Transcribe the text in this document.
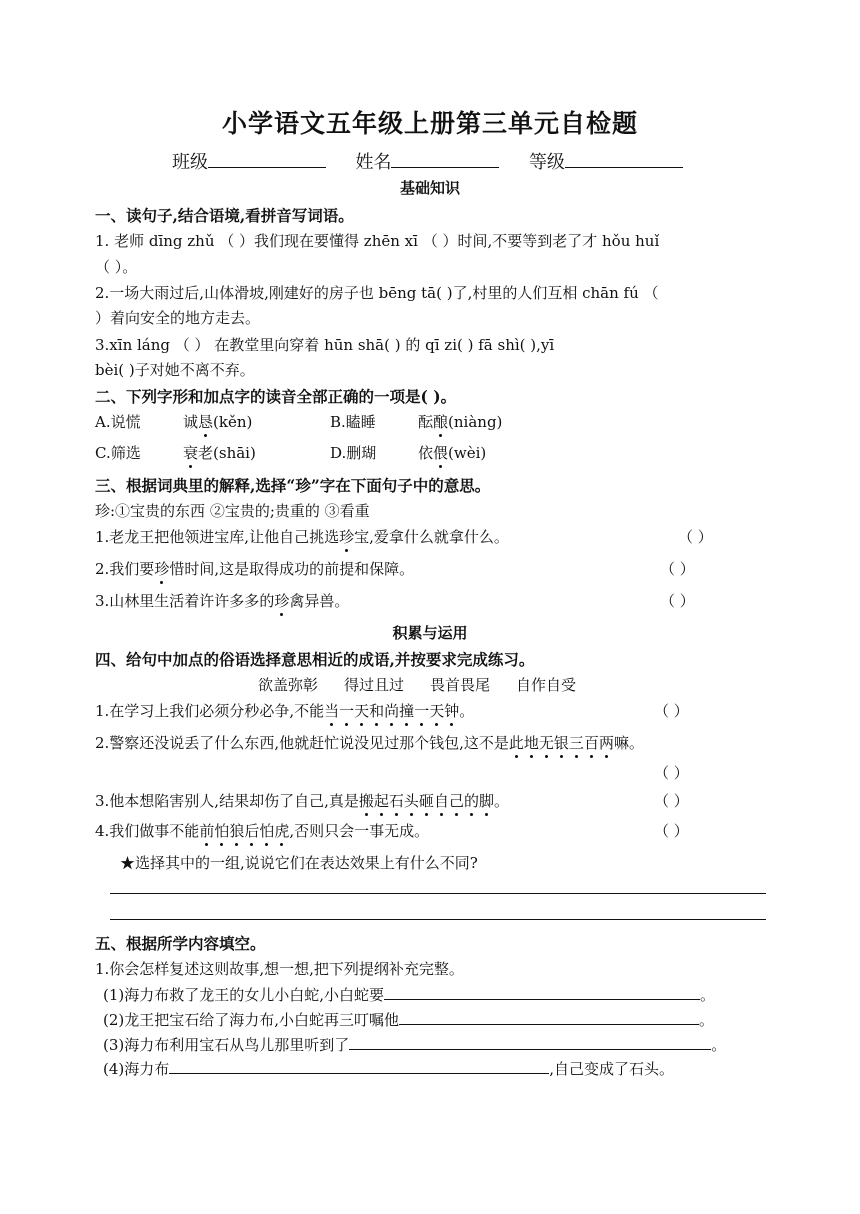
小学语文五年级上册第三单元自检题
班级	姓名	等级
基础知识
一、读句子,结合语境,看拼音写词语。
1. 老师 dīng zhǔ （ ）我们现在要懂得 zhēn xī （ ）时间,不要等到老了才 hǒu huǐ
（ ）。
2.一场大雨过后,山体滑坡,刚建好的房子也 bēng tā( )了,村里的人们互相 chān fú （
）着向安全的地方走去。
3.xīn láng （ ） 在教堂里向穿着 hūn shā( ) 的 qī zi( ) fā shì( ),yī
bèi( )子对她不离不弃。
二、下列字形和加点字的读音全部正确的一项是( )。
A.说慌	诚恳(kěn)	B.瞌睡	酝酿(niàng)
C.筛选	衰老(shāi)	D.删瑚	依偎(wèi)
三、根据词典里的解释,选择“珍”字在下面句子中的意思。
珍:①宝贵的东西 ②宝贵的;贵重的 ③看重
1.老龙王把他领进宝库,让他自己挑选珍宝,爱拿什么就拿什么。	（ ）
2.我们要珍惜时间,这是取得成功的前提和保障。	（ ）
3.山林里生活着许许多多的珍禽异兽。	（ ）
积累与运用
四、给句中加点的俗语选择意思相近的成语,并按要求完成练习。
欲盖弥彰 得过且过 畏首畏尾 自作自受
1.在学习上我们必须分秒必争,不能当一天和尚撞一天钟。	（ ）
2.警察还没说丢了什么东西,他就赶忙说没见过那个钱包,这不是此地无银三百两嘛。
（ ）
3.他本想陷害别人,结果却伤了自己,真是搬起石头砸自己的脚。	（ ）
4.我们做事不能前怕狼后怕虎,否则只会一事无成。	（ ）
★选择其中的一组,说说它们在表达效果上有什么不同?
五、根据所学内容填空。
1.你会怎样复述这则故事,想一想,把下列提纲补充完整。
(1)海力布救了龙王的女儿小白蛇,小白蛇要	。
(2)龙王把宝石给了海力布,小白蛇再三叮嘱他	。
(3)海力布利用宝石从鸟儿那里听到了	。
(4)海力布	,自己变成了石头。
